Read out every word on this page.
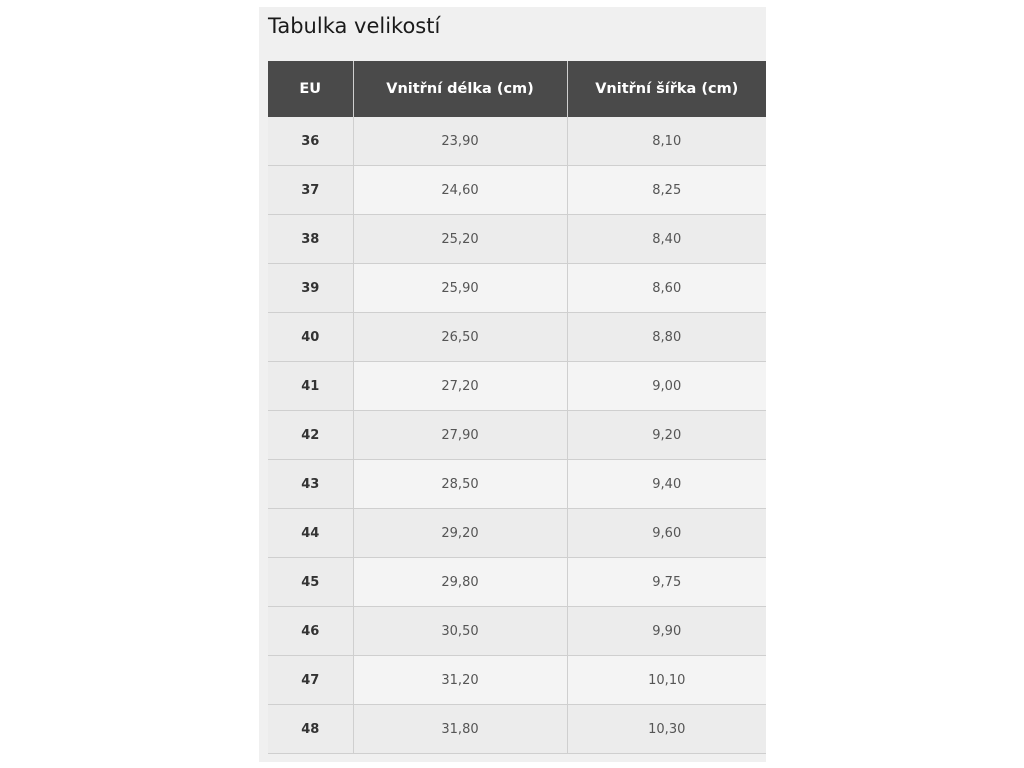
Tabulka velikostí
EU	Vnitřní délka (cm)	Vnitřní šířka (cm)
36	23,90	8,10
37	24,60	8,25
38	25,20	8,40
39	25,90	8,60
40	26,50	8,80
41	27,20	9,00
42	27,90	9,20
43	28,50	9,40
44	29,20	9,60
45	29,80	9,75
46	30,50	9,90
47	31,20	10,10
48	31,80	10,30
